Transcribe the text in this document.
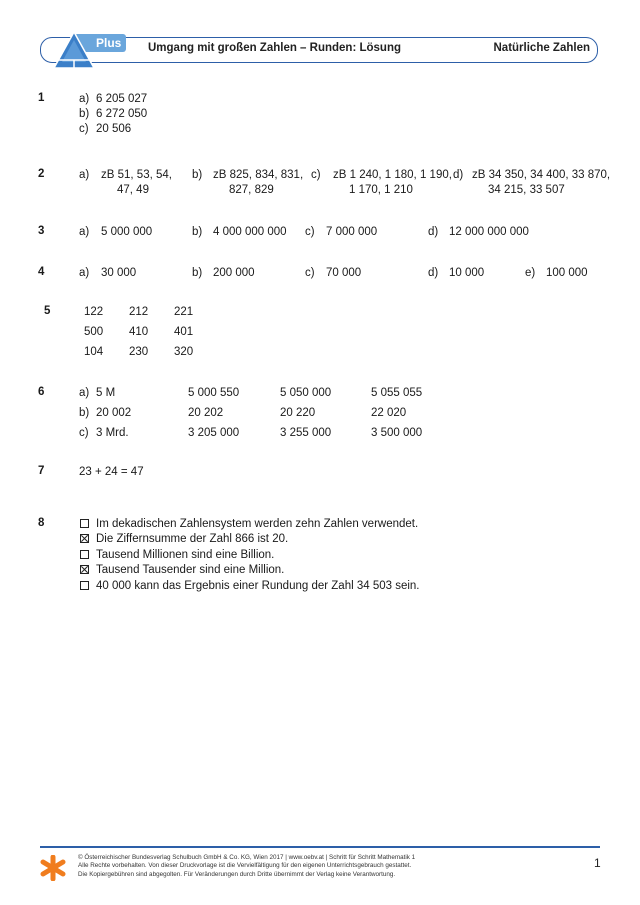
Plus	Umgang mit großen Zahlen – Runden: Lösung	Natürliche Zahlen
1	a) 6 205 027
b) 6 272 050
c) 20 506
2	a) zB 51, 53, 54,
47, 49
b) zB 825, 834, 831,
827, 829
c) zB 1 240, 1 180, 1 190,
1 170, 1 210
d) zB 34 350, 34 400, 33 870,
34 215, 33 507
3	a) 5 000 000	b) 4 000 000 000 c) 7 000 000	d) 12 000 000 000
4	a) 30 000	b) 200 000	c) 70 000	d) 10 000	e) 100 000
5	122 212 221
500 410 401
104 230 320
6	a) 5 M	5 000 550	5 050 000	5 055 055
b) 20 002	20 202	20 220	22 020
c) 3 Mrd.	3 205 000	3 255 000	3 500 000
7	23 + 24 = 47
8	Im dekadischen Zahlensystem werden zehn Zahlen verwendet.
Die Ziffernsumme der Zahl 866 ist 20.
Tausend Millionen sind eine Billion.
Tausend Tausender sind eine Million.
40 000 kann das Ergebnis einer Rundung der Zahl 34 503 sein.
© Österreichischer Bundesverlag Schulbuch GmbH & Co. KG, Wien 2017 | www.oebv.at | Schritt für Schritt Mathematik 1
Alle Rechte vorbehalten. Von dieser Druckvorlage ist die Vervielfältigung für den eigenen Unterrichtsgebrauch gestattet.
Die Kopiergebühren sind abgegolten. Für Veränderungen durch Dritte übernimmt der Verlag keine Verantwortung.
1
